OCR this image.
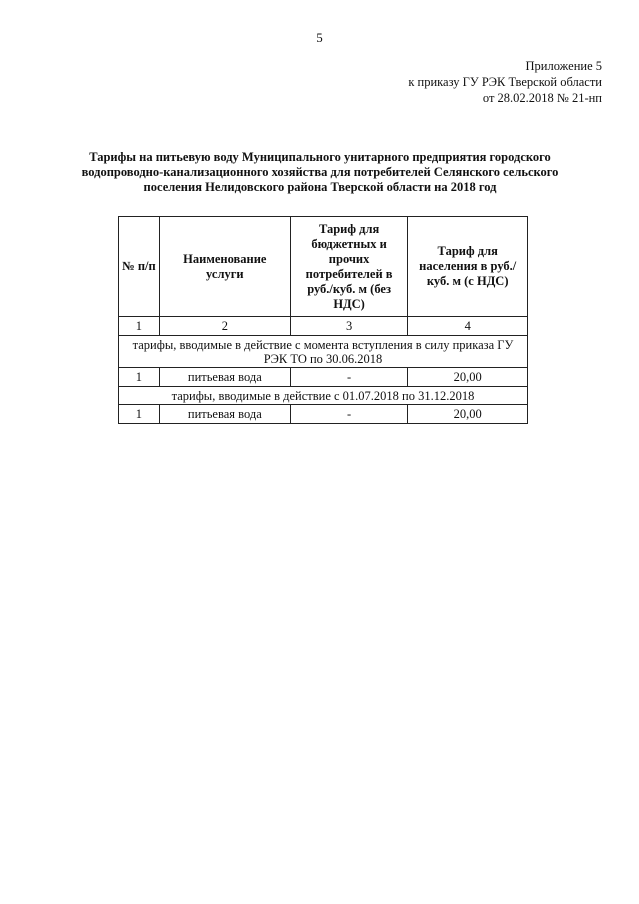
5
Приложение 5
к приказу ГУ РЭК Тверской области
от 28.02.2018 № 21-нп
Тарифы на питьевую воду Муниципального унитарного предприятия городского
водопроводно-канализационного хозяйства для потребителей Селянского сельского
поселения Нелидовского района Тверской области на 2018 год
№ п/п	Наименование услуги	Тариф для бюджетных и прочих потребителей в руб./куб. м (без НДС)	Тариф для населения в руб./куб. м (с НДС)
1	2	3	4
тарифы, вводимые в действие с момента вступления в силу приказа ГУ РЭК ТО по 30.06.2018			
1	питьевая вода	-	20,00
тарифы, вводимые в действие с 01.07.2018 по 31.12.2018			
1	питьевая вода	-	20,00
